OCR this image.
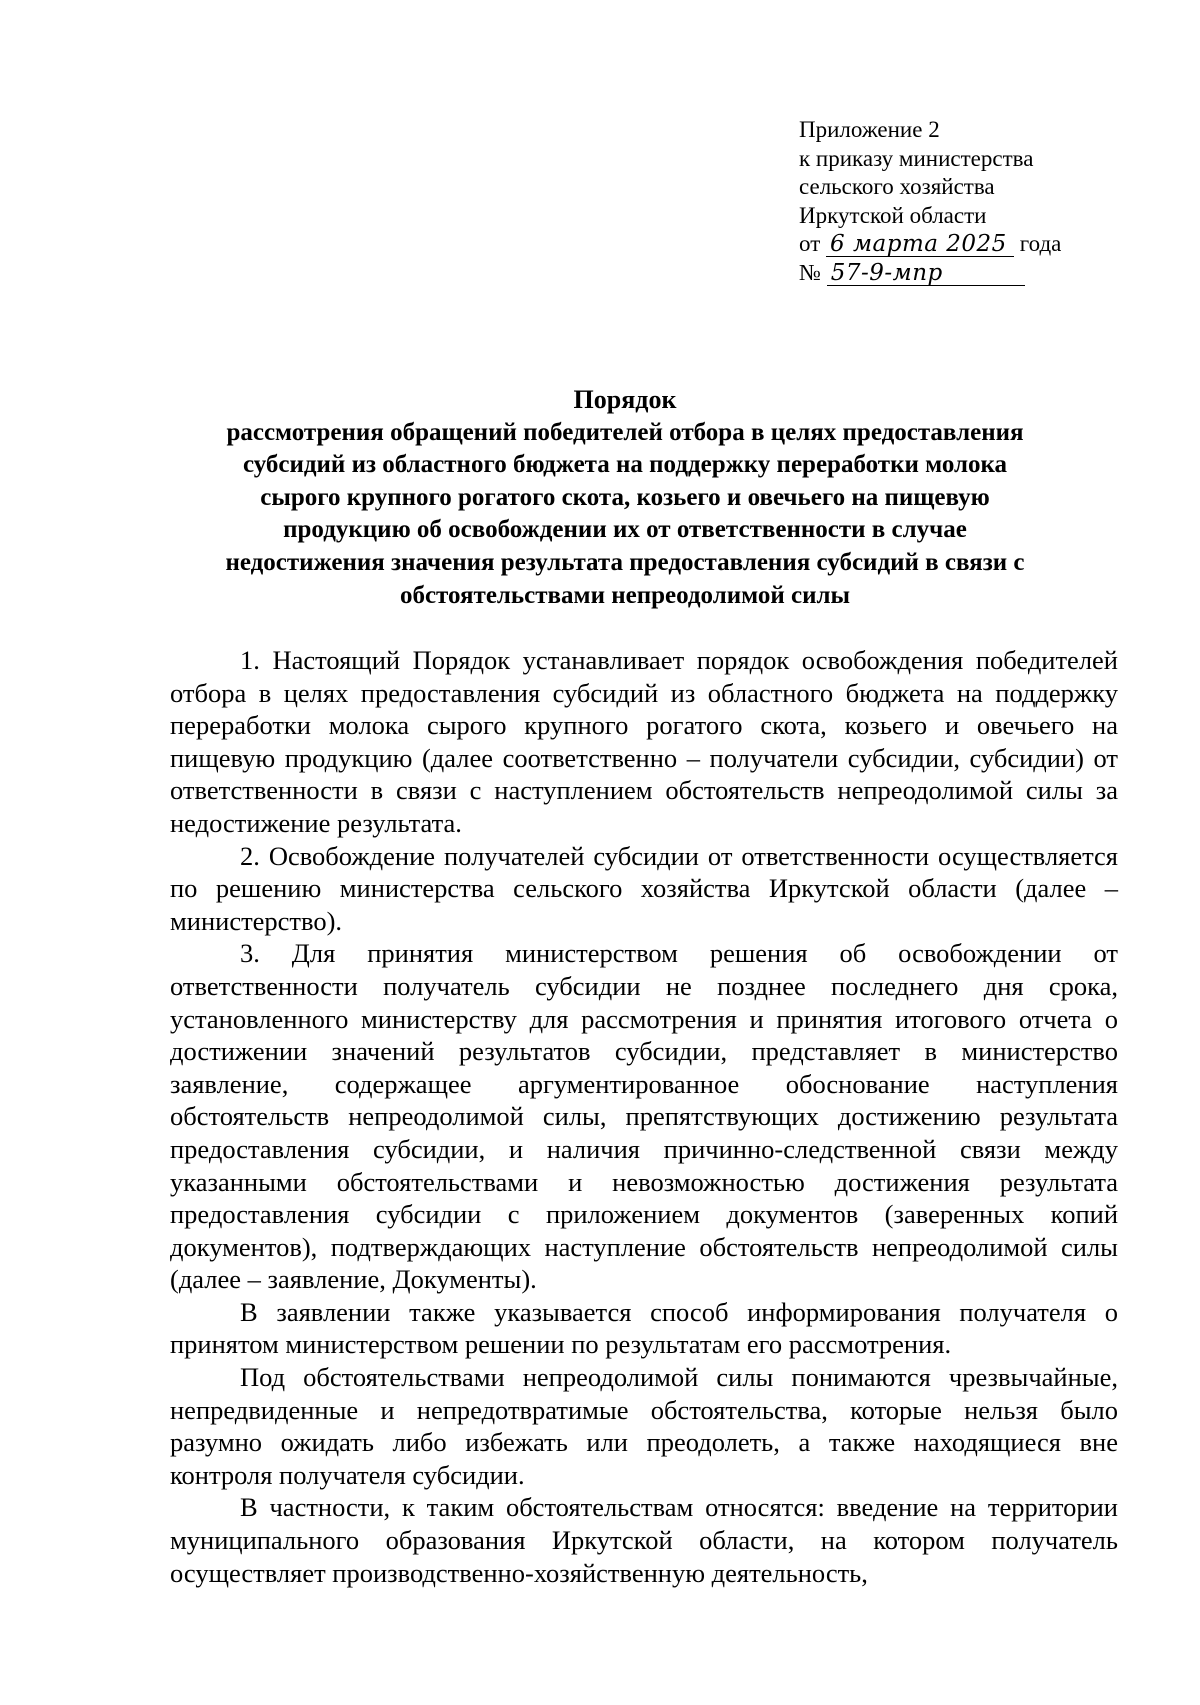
Приложение 2
к приказу министерства
сельского хозяйства
Иркутской области
от 6 марта 2025 года
№ 57-9-мпр
Порядок
рассмотрения обращений победителей отбора в целях предоставления
субсидий из областного бюджета на поддержку переработки молока
сырого крупного рогатого скота, козьего и овечьего на пищевую
продукцию об освобождении их от ответственности в случае
недостижения значения результата предоставления субсидий в связи с
обстоятельствами непреодолимой силы

1. Настоящий Порядок устанавливает порядок освобождения победителей отбора в целях предоставления субсидий из областного бюджета на поддержку переработки молока сырого крупного рогатого скота, козьего и овечьего на пищевую продукцию (далее соответственно – получатели субсидии, субсидии) от ответственности в связи с наступлением обстоятельств непреодолимой силы за недостижение результата.

2. Освобождение получателей субсидии от ответственности осуществляется по решению министерства сельского хозяйства Иркутской области (далее – министерство).

3. Для принятия министерством решения об освобождении от ответственности получатель субсидии не позднее последнего дня срока, установленного министерству для рассмотрения и принятия итогового отчета о достижении значений результатов субсидии, представляет в министерство заявление, содержащее аргументированное обоснование наступления обстоятельств непреодолимой силы, препятствующих достижению результата предоставления субсидии, и наличия причинно-следственной связи между указанными обстоятельствами и невозможностью достижения результата предоставления субсидии с приложением документов (заверенных копий документов), подтверждающих наступление обстоятельств непреодолимой силы (далее – заявление, Документы).

В заявлении также указывается способ информирования получателя о принятом министерством решении по результатам его рассмотрения.

Под обстоятельствами непреодолимой силы понимаются чрезвычайные, непредвиденные и непредотвратимые обстоятельства, которые нельзя было разумно ожидать либо избежать или преодолеть, а также находящиеся вне контроля получателя субсидии.

В частности, к таким обстоятельствам относятся: введение на территории муниципального образования Иркутской области, на котором получатель осуществляет производственно-хозяйственную деятельность,
